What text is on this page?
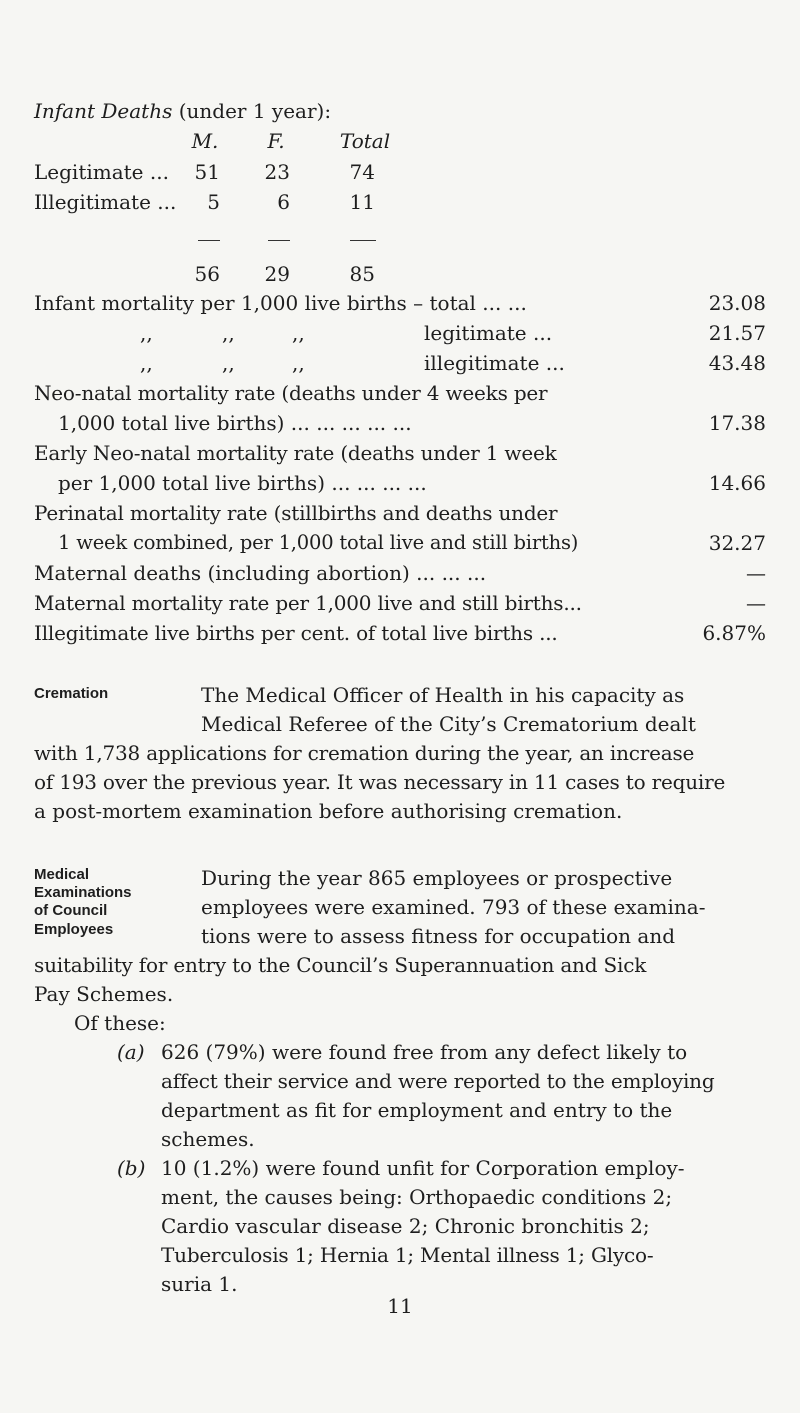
Infant Deaths (under 1 year):
M.	F.	Total
Legitimate ...	51	23	74
Illegitimate ...	5	6	11
56	29	85
Infant mortality per 1,000 live births – total ... ...	23.08
,,	,,	,,	legitimate ...	21.57
,,	,,	,,	illegitimate ...	43.48
Neo-natal mortality rate (deaths under 4 weeks per
1,000 total live births) ... ... ... ... ...	17.38
Early Neo-natal mortality rate (deaths under 1 week
per 1,000 total live births) ... ... ... ...	14.66
Perinatal mortality rate (stillbirths and deaths under
1 week combined, per 1,000 total live and still births)	32.27
Maternal deaths (including abortion) ... ... ...	—
Maternal mortality rate per 1,000 live and still births...	—
Illegitimate live births per cent. of total live births ...	6.87%
Cremation	The Medical Officer of Health in his capacity as
Medical Referee of the City’s Crematorium dealt
with 1,738 applications for cremation during the year, an increase
of 193 over the previous year. It was necessary in 11 cases to require
a post-mortem examination before authorising cremation.
Medical
Examinations
of Council
Employees
During the year 865 employees or prospective
employees were examined. 793 of these examina-
tions were to assess fitness for occupation and
suitability for entry to the Council’s Superannuation and Sick
Pay Schemes.
Of these:
(a) 626 (79%) were found free from any defect likely to
affect their service and were reported to the employing
department as fit for employment and entry to the
schemes.
(b) 10 (1.2%) were found unfit for Corporation employ-
ment, the causes being: Orthopaedic conditions 2;
Cardio vascular disease 2; Chronic bronchitis 2;
Tuberculosis 1; Hernia 1; Mental illness 1; Glyco-
suria 1.
11
